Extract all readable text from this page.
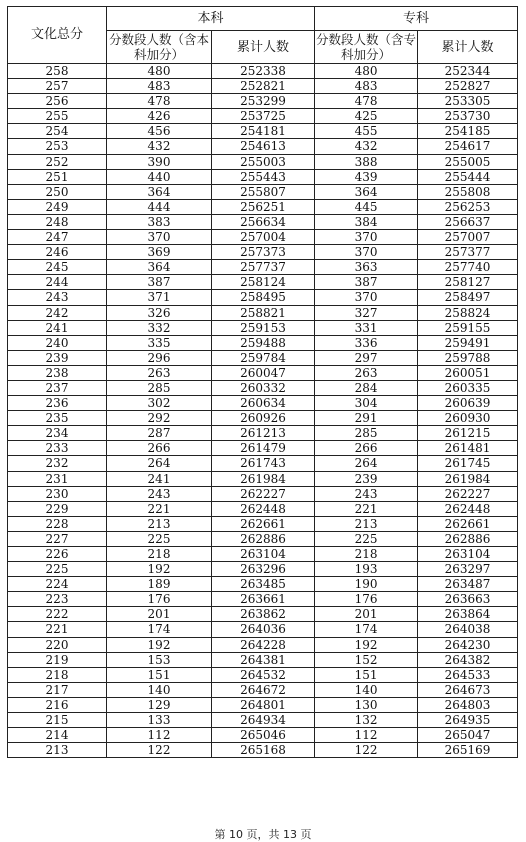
文化总分	本科		专科	
	分数段人数（含本科加分）	累计人数	分数段人数（含专科加分）	累计人数
258	480	252338	480	252344
257	483	252821	483	252827
256	478	253299	478	253305
255	426	253725	425	253730
254	456	254181	455	254185
253	432	254613	432	254617
252	390	255003	388	255005
251	440	255443	439	255444
250	364	255807	364	255808
249	444	256251	445	256253
248	383	256634	384	256637
247	370	257004	370	257007
246	369	257373	370	257377
245	364	257737	363	257740
244	387	258124	387	258127
243	371	258495	370	258497
242	326	258821	327	258824
241	332	259153	331	259155
240	335	259488	336	259491
239	296	259784	297	259788
238	263	260047	263	260051
237	285	260332	284	260335
236	302	260634	304	260639
235	292	260926	291	260930
234	287	261213	285	261215
233	266	261479	266	261481
232	264	261743	264	261745
231	241	261984	239	261984
230	243	262227	243	262227
229	221	262448	221	262448
228	213	262661	213	262661
227	225	262886	225	262886
226	218	263104	218	263104
225	192	263296	193	263297
224	189	263485	190	263487
223	176	263661	176	263663
222	201	263862	201	263864
221	174	264036	174	264038
220	192	264228	192	264230
219	153	264381	152	264382
218	151	264532	151	264533
217	140	264672	140	264673
216	129	264801	130	264803
215	133	264934	132	264935
214	112	265046	112	265047
213	122	265168	122	265169
第 10 页，共 13 页
